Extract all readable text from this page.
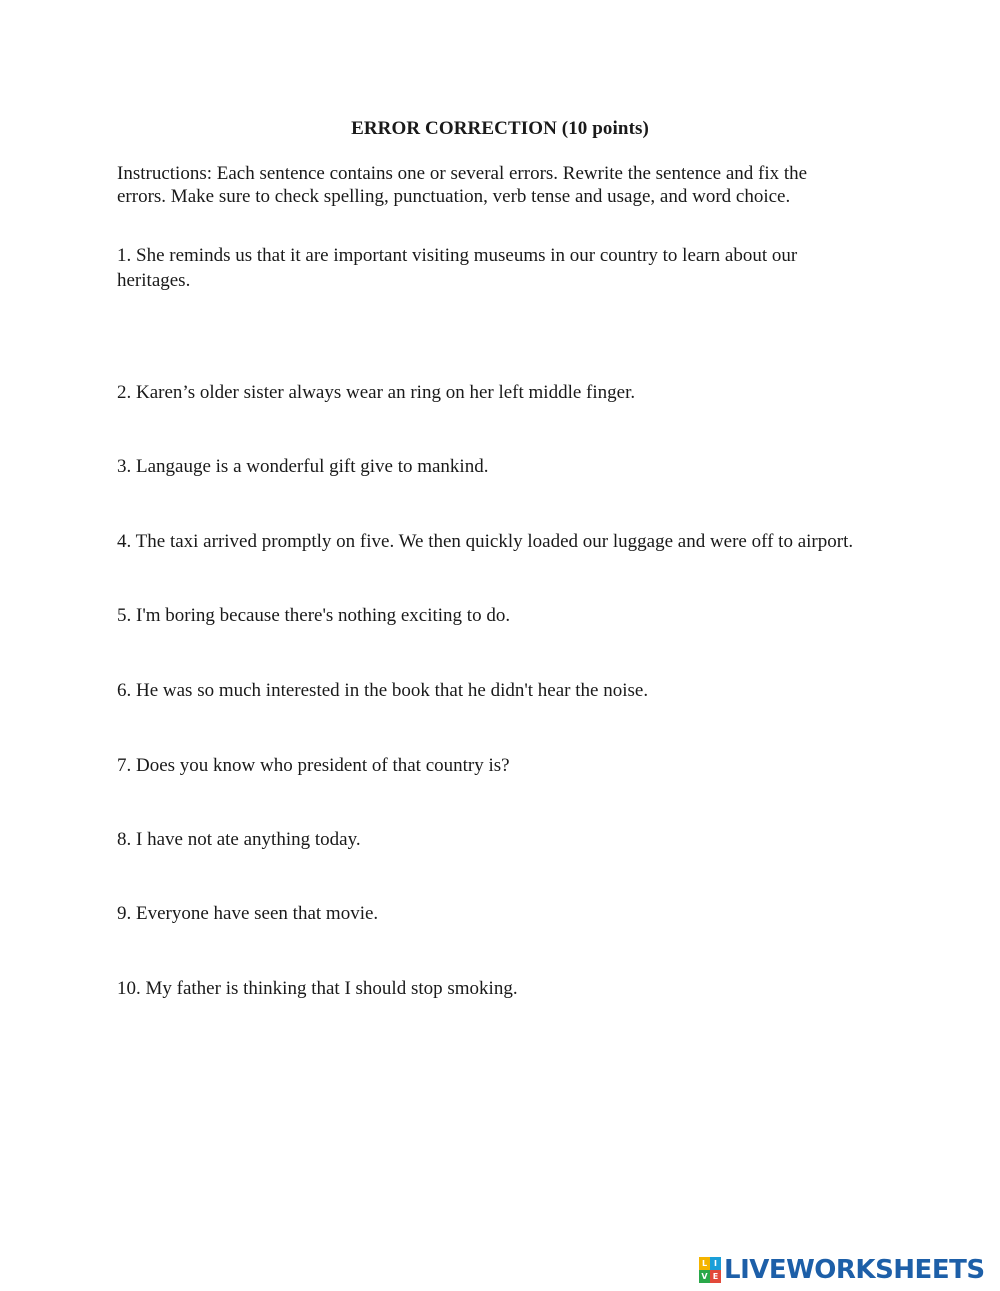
ERROR CORRECTION (10 points)
Instructions: Each sentence contains one or several errors. Rewrite the sentence and fix the errors. Make sure to check spelling, punctuation, verb tense and usage, and word choice.
1. She reminds us that it are important visiting museums in our country to learn about our heritages.
2. Karen’s older sister always wear an ring on her left middle finger.
3. Langauge is a wonderful gift give to mankind.
4. The taxi arrived promptly on five. We then quickly loaded our luggage and were off to airport.
5. I'm boring because there's nothing exciting to do.
6. He was so much interested in the book that he didn't hear the noise.
7. Does you know who president of that country is?
8. I have not ate anything today.
9. Everyone have seen that movie.
10. My father is thinking that I should stop smoking.
L I
V E LIVEWORKSHEETS
